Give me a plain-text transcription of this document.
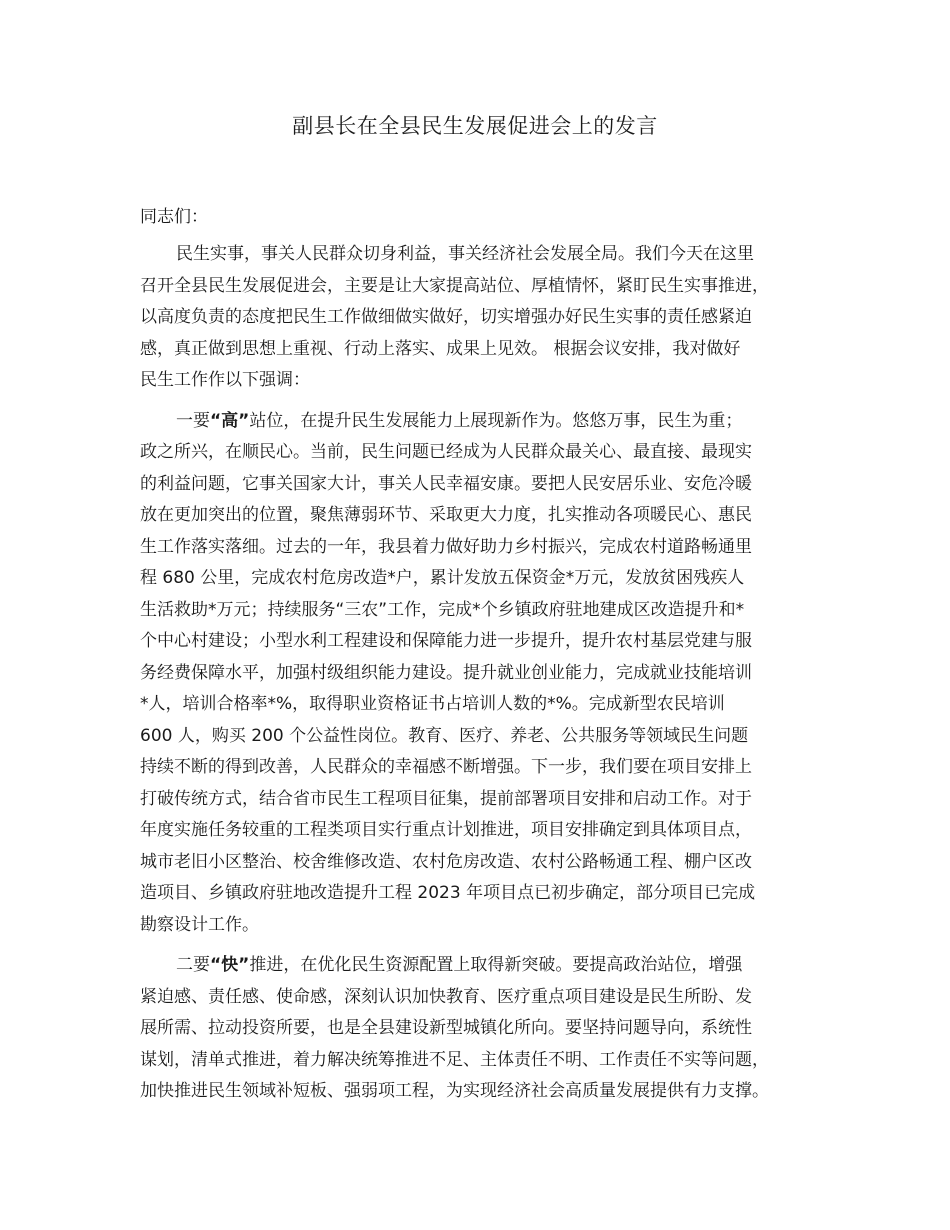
副县长在全县民生发展促进会上的发言
同志们：
民生实事，事关人民群众切身利益，事关经济社会发展全局。我们今天在这里
召开全县民生发展促进会，主要是让大家提高站位、厚植情怀，紧盯民生实事推进，
以高度负责的态度把民生工作做细做实做好，切实增强办好民生实事的责任感紧迫
感，真正做到思想上重视、行动上落实、成果上见效。 根据会议安排，我对做好
民生工作作以下强调：
一要“高”站位，在提升民生发展能力上展现新作为。悠悠万事，民生为重；
政之所兴，在顺民心。当前，民生问题已经成为人民群众最关心、最直接、最现实
的利益问题，它事关国家大计，事关人民幸福安康。要把人民安居乐业、安危冷暖
放在更加突出的位置，聚焦薄弱环节、采取更大力度，扎实推动各项暖民心、惠民
生工作落实落细。过去的一年，我县着力做好助力乡村振兴，完成农村道路畅通里
程 680 公里，完成农村危房改造*户，累计发放五保资金*万元，发放贫困残疾人
生活救助*万元；持续服务“三农”工作，完成*个乡镇政府驻地建成区改造提升和*
个中心村建设；小型水利工程建设和保障能力进一步提升，提升农村基层党建与服
务经费保障水平，加强村级组织能力建设。提升就业创业能力，完成就业技能培训
*人，培训合格率*%，取得职业资格证书占培训人数的*%。完成新型农民培训
600 人，购买 200 个公益性岗位。教育、医疗、养老、公共服务等领域民生问题
持续不断的得到改善，人民群众的幸福感不断增强。下一步，我们要在项目安排上
打破传统方式，结合省市民生工程项目征集，提前部署项目安排和启动工作。对于
年度实施任务较重的工程类项目实行重点计划推进，项目安排确定到具体项目点，
城市老旧小区整治、校舍维修改造、农村危房改造、农村公路畅通工程、棚户区改
造项目、乡镇政府驻地改造提升工程 2023 年项目点已初步确定，部分项目已完成
勘察设计工作。
二要“快”推进，在优化民生资源配置上取得新突破。要提高政治站位，增强
紧迫感、责任感、使命感，深刻认识加快教育、医疗重点项目建设是民生所盼、发
展所需、拉动投资所要，也是全县建设新型城镇化所向。要坚持问题导向，系统性
谋划，清单式推进，着力解决统筹推进不足、主体责任不明、工作责任不实等问题，
加快推进民生领域补短板、强弱项工程，为实现经济社会高质量发展提供有力支撑。
